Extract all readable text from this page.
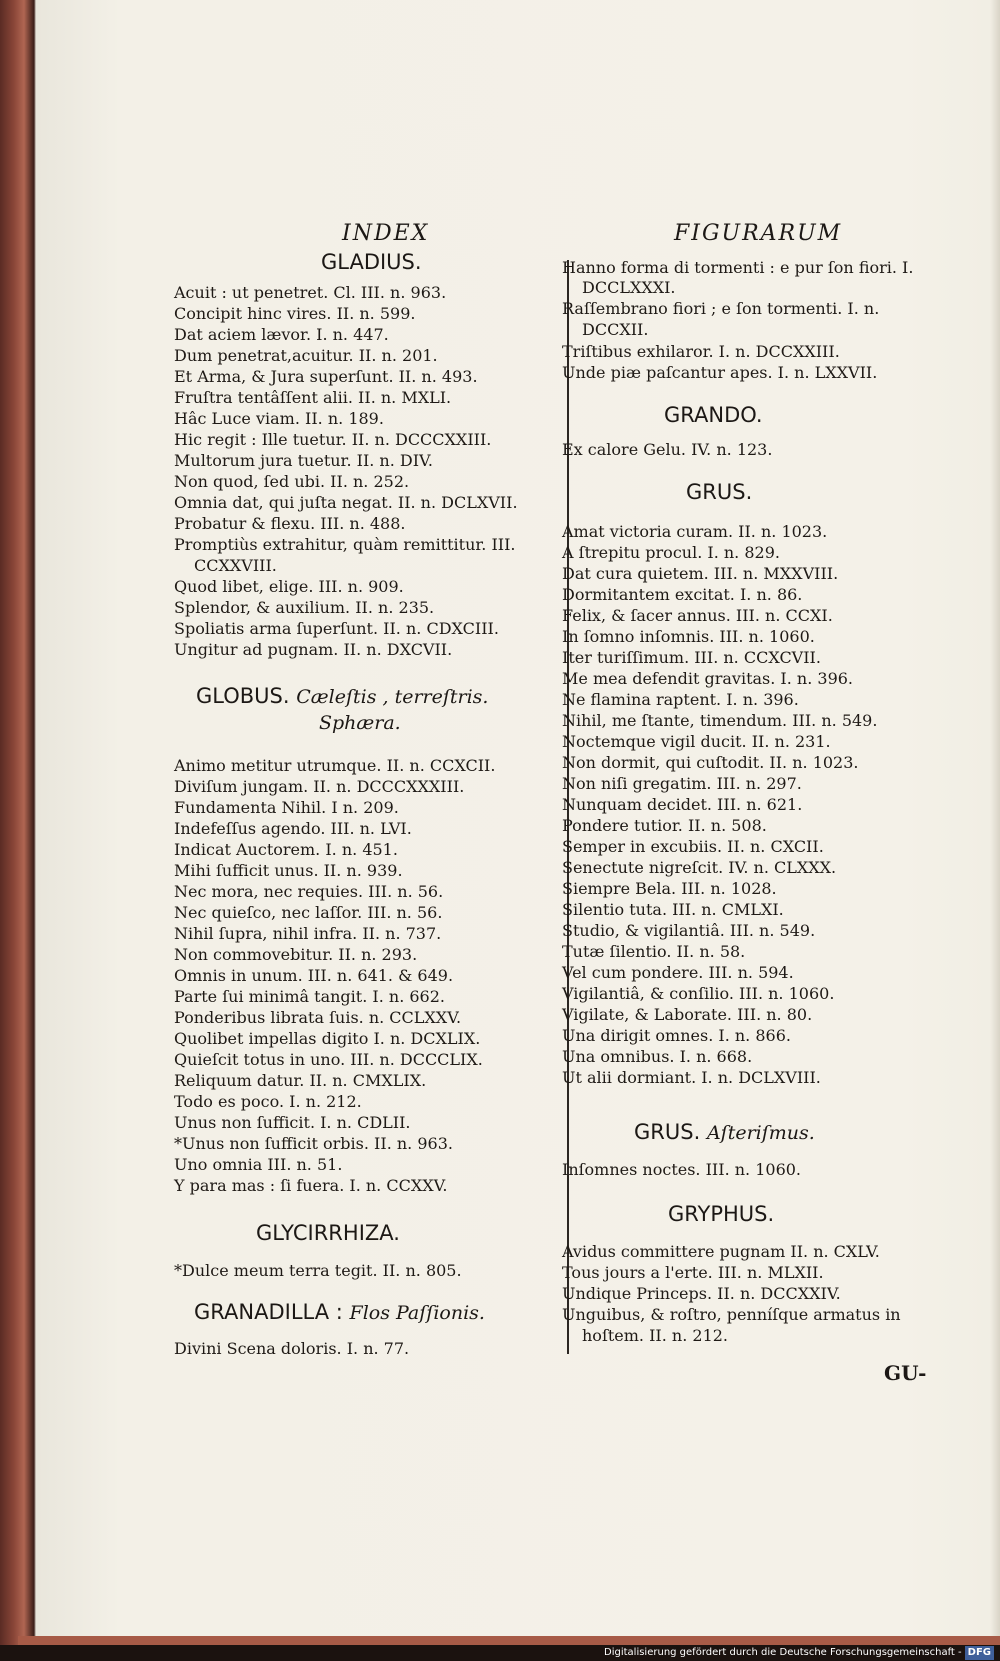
INDEX	FIGURARUM
GLADIUS.
Acuit : ut penetret. Cl. III. n. 963.
Concipit hinc vires. II. n. 599.
Dat aciem lævor. I. n. 447.
Dum penetrat,acuitur. II. n. 201.
Et Arma, & Jura superſunt. II. n. 493.
Fruſtra tentâſſent alii. II. n. MXLI.
Hâc Luce viam. II. n. 189.
Hic regit : Ille tuetur. II. n. DCCCXXIII.
Multorum jura tuetur. II. n. DIV.
Non quod, ſed ubi. II. n. 252.
Omnia dat, qui juſta negat. II. n. DCLXVII.
Probatur & flexu. III. n. 488.
Promptiùs extrahitur, quàm remittitur. III.
CCXXVIII.
Quod libet, elige. III. n. 909.
Splendor, & auxilium. II. n. 235.
Spoliatis arma ſuperſunt. II. n. CDXCIII.
Ungitur ad pugnam. II. n. DXCVII.
GLOBUS. Cæleſtis , terreſtris.
Sphæra.
Animo metitur utrumque. II. n. CCXCII.
Diviſum jungam. II. n. DCCCXXXIII.
Fundamenta Nihil. I n. 209.
Indefeſſus agendo. III. n. LVI.
Indicat Auctorem. I. n. 451.
Mihi ſufficit unus. II. n. 939.
Nec mora, nec requies. III. n. 56.
Nec quieſco, nec laſſor. III. n. 56.
Nihil ſupra, nihil infra. II. n. 737.
Non commovebitur. II. n. 293.
Omnis in unum. III. n. 641. & 649.
Parte ſui minimâ tangit. I. n. 662.
Ponderibus librata ſuis. n. CCLXXV.
Quolibet impellas digito I. n. DCXLIX.
Quieſcit totus in uno. III. n. DCCCLIX.
Reliquum datur. II. n. CMXLIX.
Todo es poco. I. n. 212.
Unus non ſufficit. I. n. CDLII.
*Unus non ſufficit orbis. II. n. 963.
Uno omnia III. n. 51.
Y para mas : ſi fuera. I. n. CCXXV.
GLYCIRRHIZA.
*Dulce meum terra tegit. II. n. 805.
GRANADILLA : Flos Paſſionis.
Divini Scena doloris. I. n. 77.
Hanno forma di tormenti : e pur ſon fiori. I.
DCCLXXXI.
Raſſembrano fiori ; e ſon tormenti. I. n.
DCCXII.
Triſtibus exhilaror. I. n. DCCXXIII.
Unde piæ paſcantur apes. I. n. LXXVII.
GRANDO.
Ex calore Gelu. IV. n. 123.
GRUS.
Amat victoria curam. II. n. 1023.
A ſtrepitu procul. I. n. 829.
Dat cura quietem. III. n. MXXVIII.
Dormitantem excitat. I. n. 86.
Felix, & ſacer annus. III. n. CCXI.
In ſomno inſomnis. III. n. 1060.
Iter turiſſimum. III. n. CCXCVII.
Me mea defendit gravitas. I. n. 396.
Ne flamina raptent. I. n. 396.
Nihil, me ſtante, timendum. III. n. 549.
Noctemque vigil ducit. II. n. 231.
Non dormit, qui cuſtodit. II. n. 1023.
Non niſi gregatim. III. n. 297.
Nunquam decidet. III. n. 621.
Pondere tutior. II. n. 508.
Semper in excubiis. II. n. CXCII.
Senectute nigreſcit. IV. n. CLXXX.
Siempre Bela. III. n. 1028.
Silentio tuta. III. n. CMLXI.
Studio, & vigilantiâ. III. n. 549.
Tutæ ſilentio. II. n. 58.
Vel cum pondere. III. n. 594.
Vigilantiâ, & conſilio. III. n. 1060.
Vigilate, & Laborate. III. n. 80.
Una dirigit omnes. I. n. 866.
Una omnibus. I. n. 668.
Ut alii dormiant. I. n. DCLXVIII.
GRUS. Aſteriſmus.
Inſomnes noctes. III. n. 1060.
GRYPHUS.
Avidus committere pugnam II. n. CXLV.
Tous jours a l'erte. III. n. MLXII.
Undique Princeps. II. n. DCCXXIV.
Unguibus, & roſtro, penníſque armatus in
hoſtem. II. n. 212.
GU-
Digitalisierung gefördert durch die Deutsche Forschungsgemeinschaft - DFG
